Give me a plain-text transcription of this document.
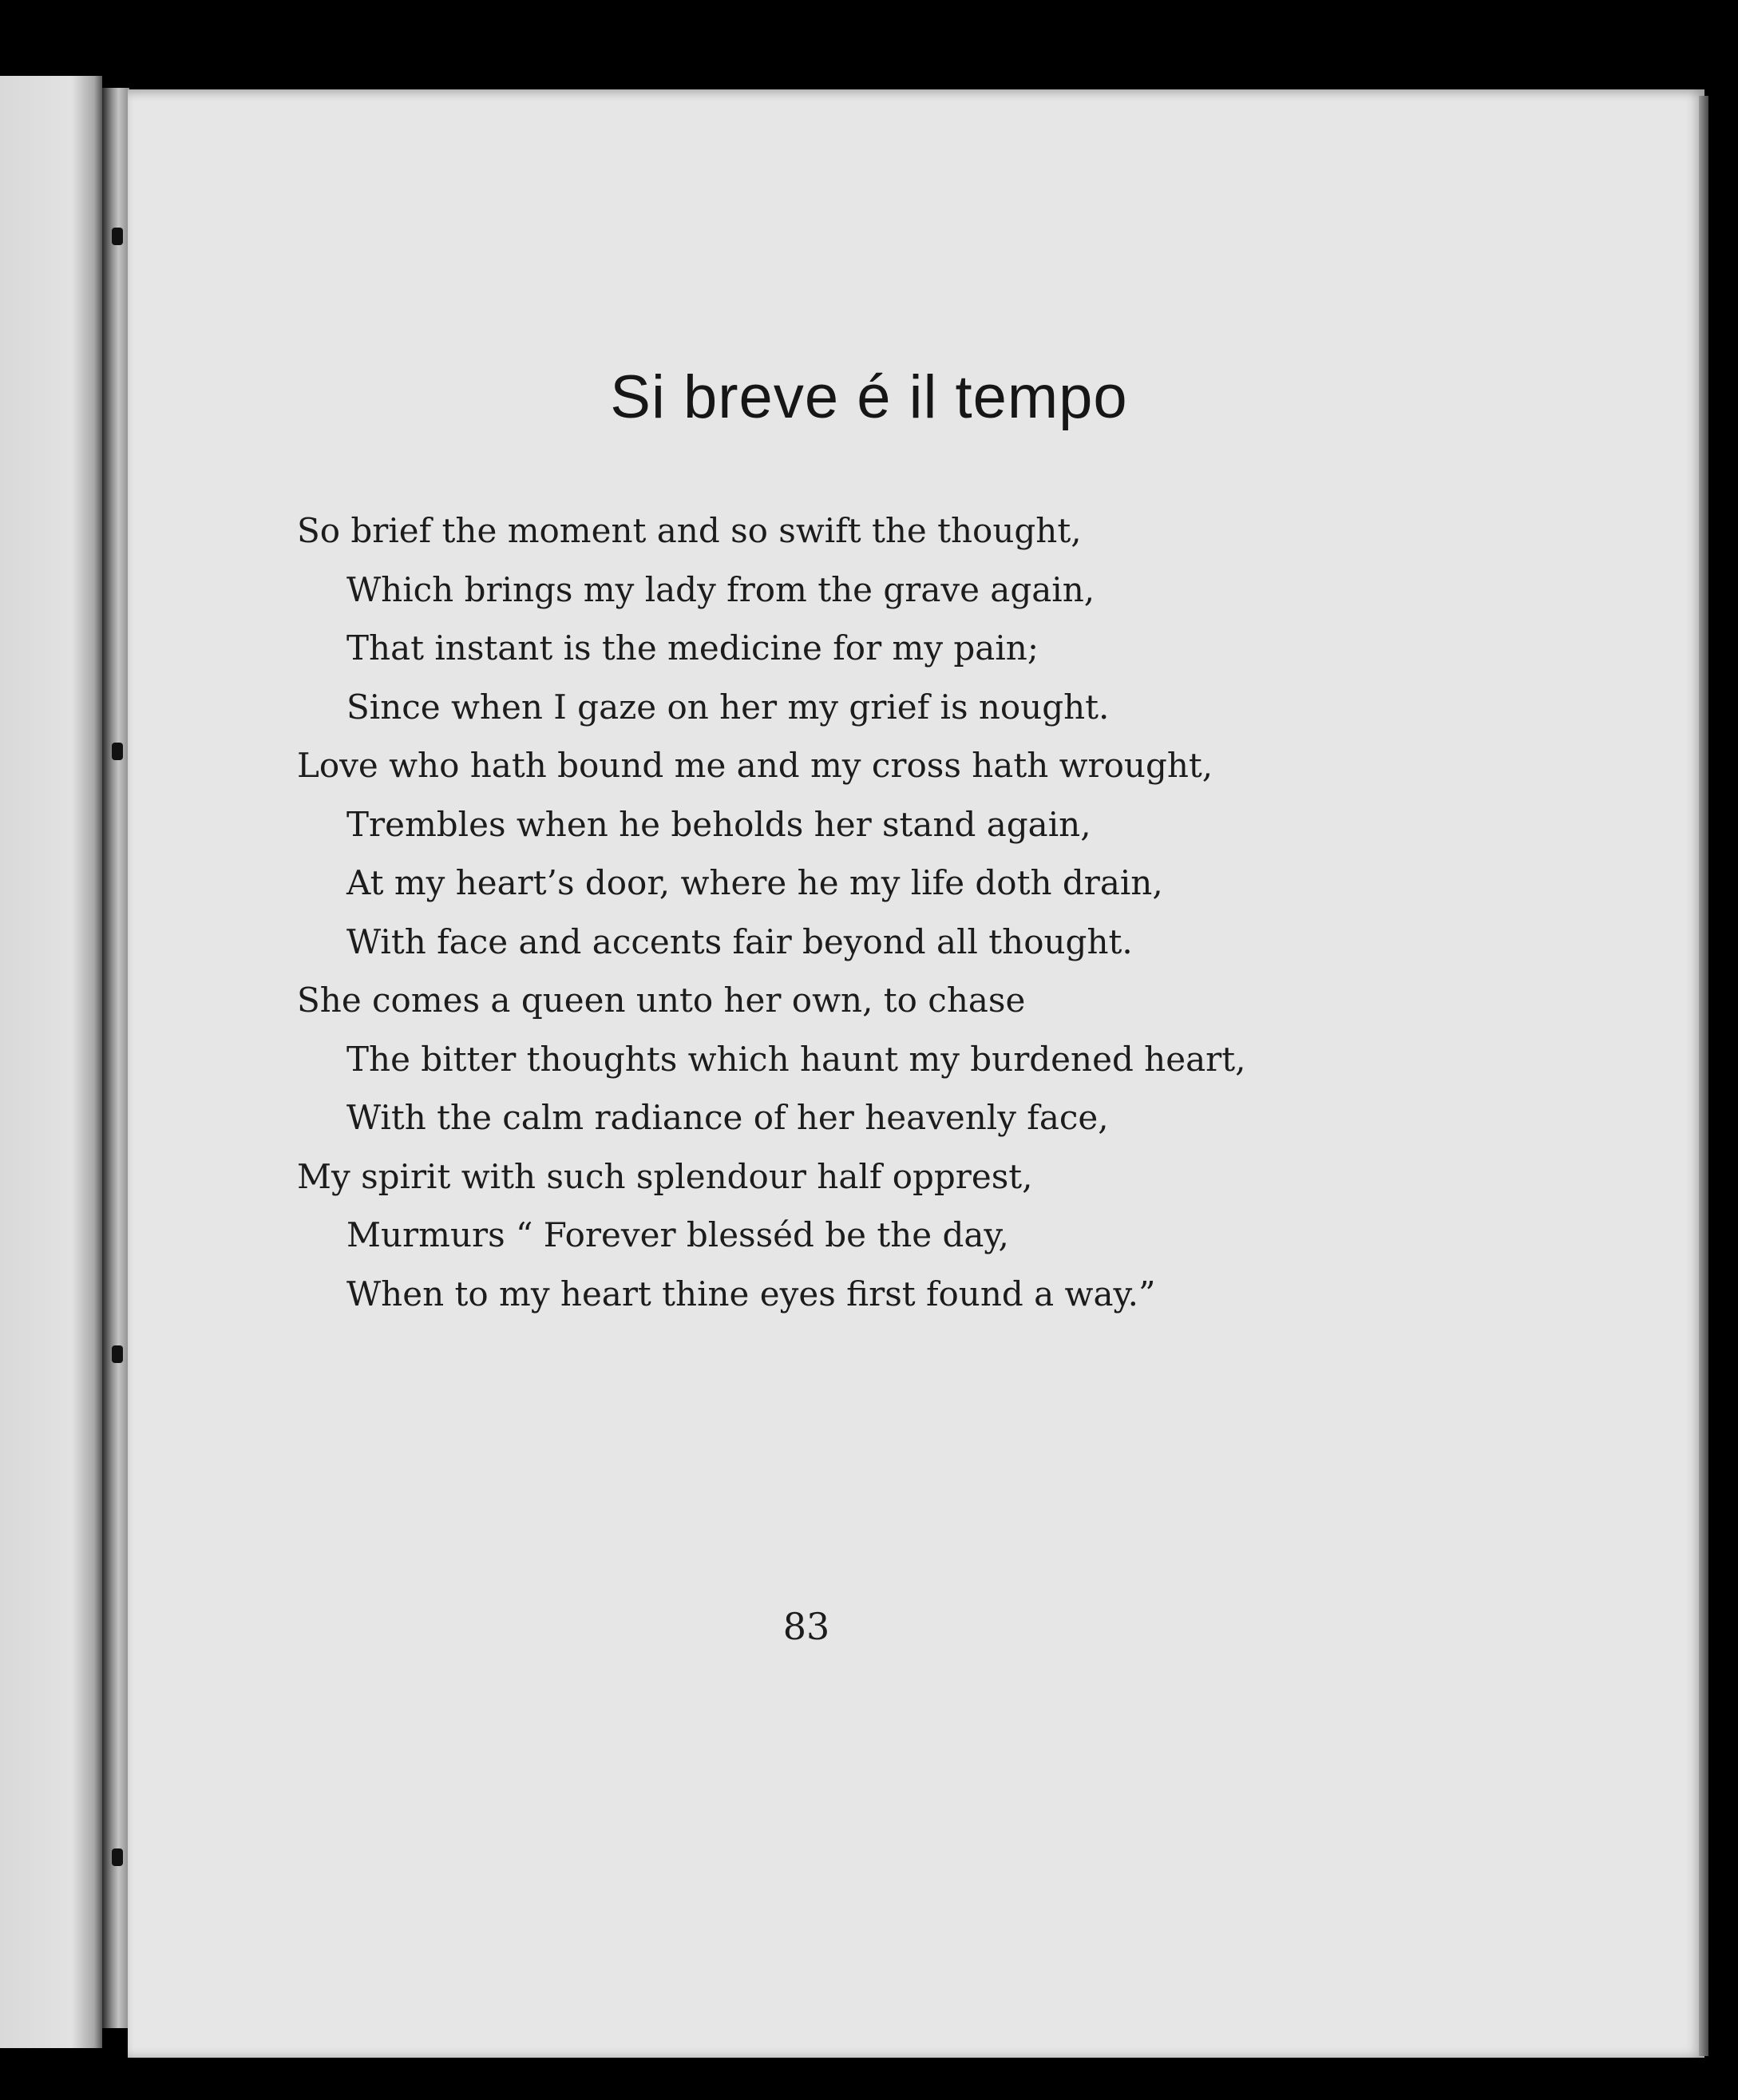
Si breve é il tempo
So brief the moment and so swift the thought,
Which brings my lady from the grave again,
That instant is the medicine for my pain;
Since when I gaze on her my grief is nought.
Love who hath bound me and my cross hath wrought,
Trembles when he beholds her stand again,
At my heart’s door, where he my life doth drain,
With face and accents fair beyond all thought.
She comes a queen unto her own, to chase
The bitter thoughts which haunt my burdened heart,
With the calm radiance of her heavenly face,
My spirit with such splendour half opprest,
Murmurs “ Forever blesséd be the day,
When to my heart thine eyes first found a way.”
83
